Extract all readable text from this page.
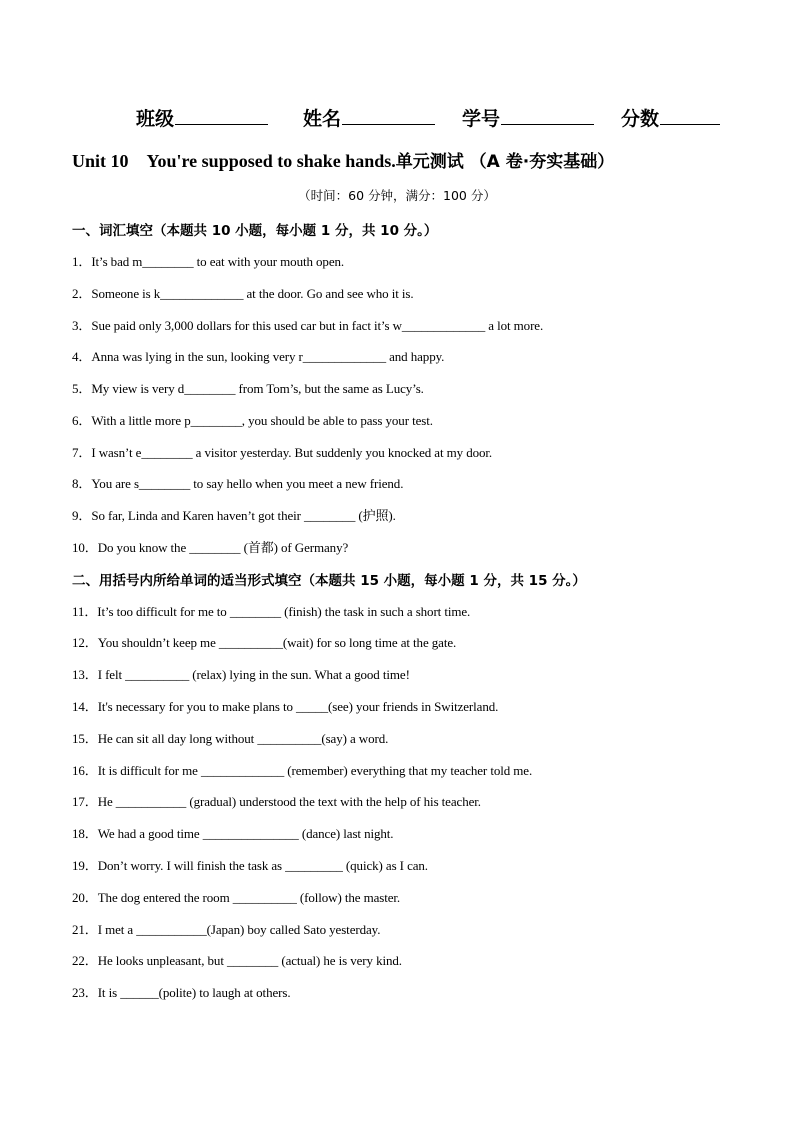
班级	姓名	学号	分数
Unit 10　You're supposed to shake hands.单元测试 （A 卷·夯实基础）
（时间：60 分钟，满分：100 分）
一、词汇填空（本题共 10 小题，每小题 1 分，共 10 分。）
1．It’s bad m________ to eat with your mouth open.
2．Someone is k_____________ at the door. Go and see who it is.
3．Sue paid only 3,000 dollars for this used car but in fact it’s w_____________ a lot more.
4．Anna was lying in the sun, looking very r_____________ and happy.
5．My view is very d________ from Tom’s, but the same as Lucy’s.
6．With a little more p________, you should be able to pass your test.
7．I wasn’t e________ a visitor yesterday. But suddenly you knocked at my door.
8．You are s________ to say hello when you meet a new friend.
9．So far, Linda and Karen haven’t got their ________ (护照).
10．Do you know the ________ (首都) of Germany?
二、用括号内所给单词的适当形式填空（本题共 15 小题，每小题 1 分，共 15 分。）
11．It’s too difficult for me to ________ (finish) the task in such a short time.
12．You shouldn’t keep me __________(wait) for so long time at the gate.
13．I felt __________ (relax) lying in the sun. What a good time!
14．It's necessary for you to make plans to _____(see) your friends in Switzerland.
15．He can sit all day long without __________(say) a word.
16．It is difficult for me _____________ (remember) everything that my teacher told me.
17．He ___________ (gradual) understood the text with the help of his teacher.
18．We had a good time _______________ (dance) last night.
19．Don’t worry. I will finish the task as _________ (quick) as I can.
20．The dog entered the room __________ (follow) the master.
21．I met a ___________(Japan) boy called Sato yesterday.
22．He looks unpleasant, but ________ (actual) he is very kind.
23．It is ______(polite) to laugh at others.
